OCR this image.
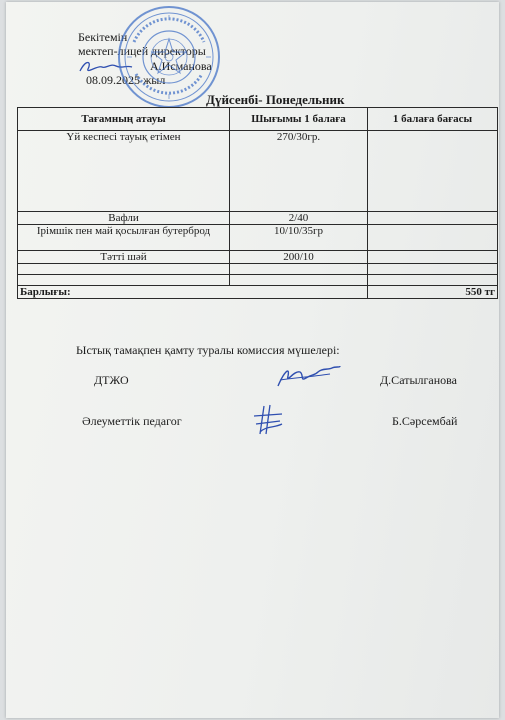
Бекітемін
мектеп-лицей директоры
А.Исманова
08.09.2025 жыл
Дүйсенбі- Понедельник
Тағамның атауы	Шығымы 1 балаға	1 балаға бағасы
Үй кеспесі тауық етімен	270/30гр.	
Вафли	2/40	
Ірімшік пен май қосылған бутерброд	10/10/35гр	
Тәтті шәй	200/10	

Барлығы:		550 тг
Ыстық тамақпен қамту туралы комиссия мүшелері:
ДТЖО	Д.Сатылганова
Әлеуметтік педагог	Б.Сәрсембай
